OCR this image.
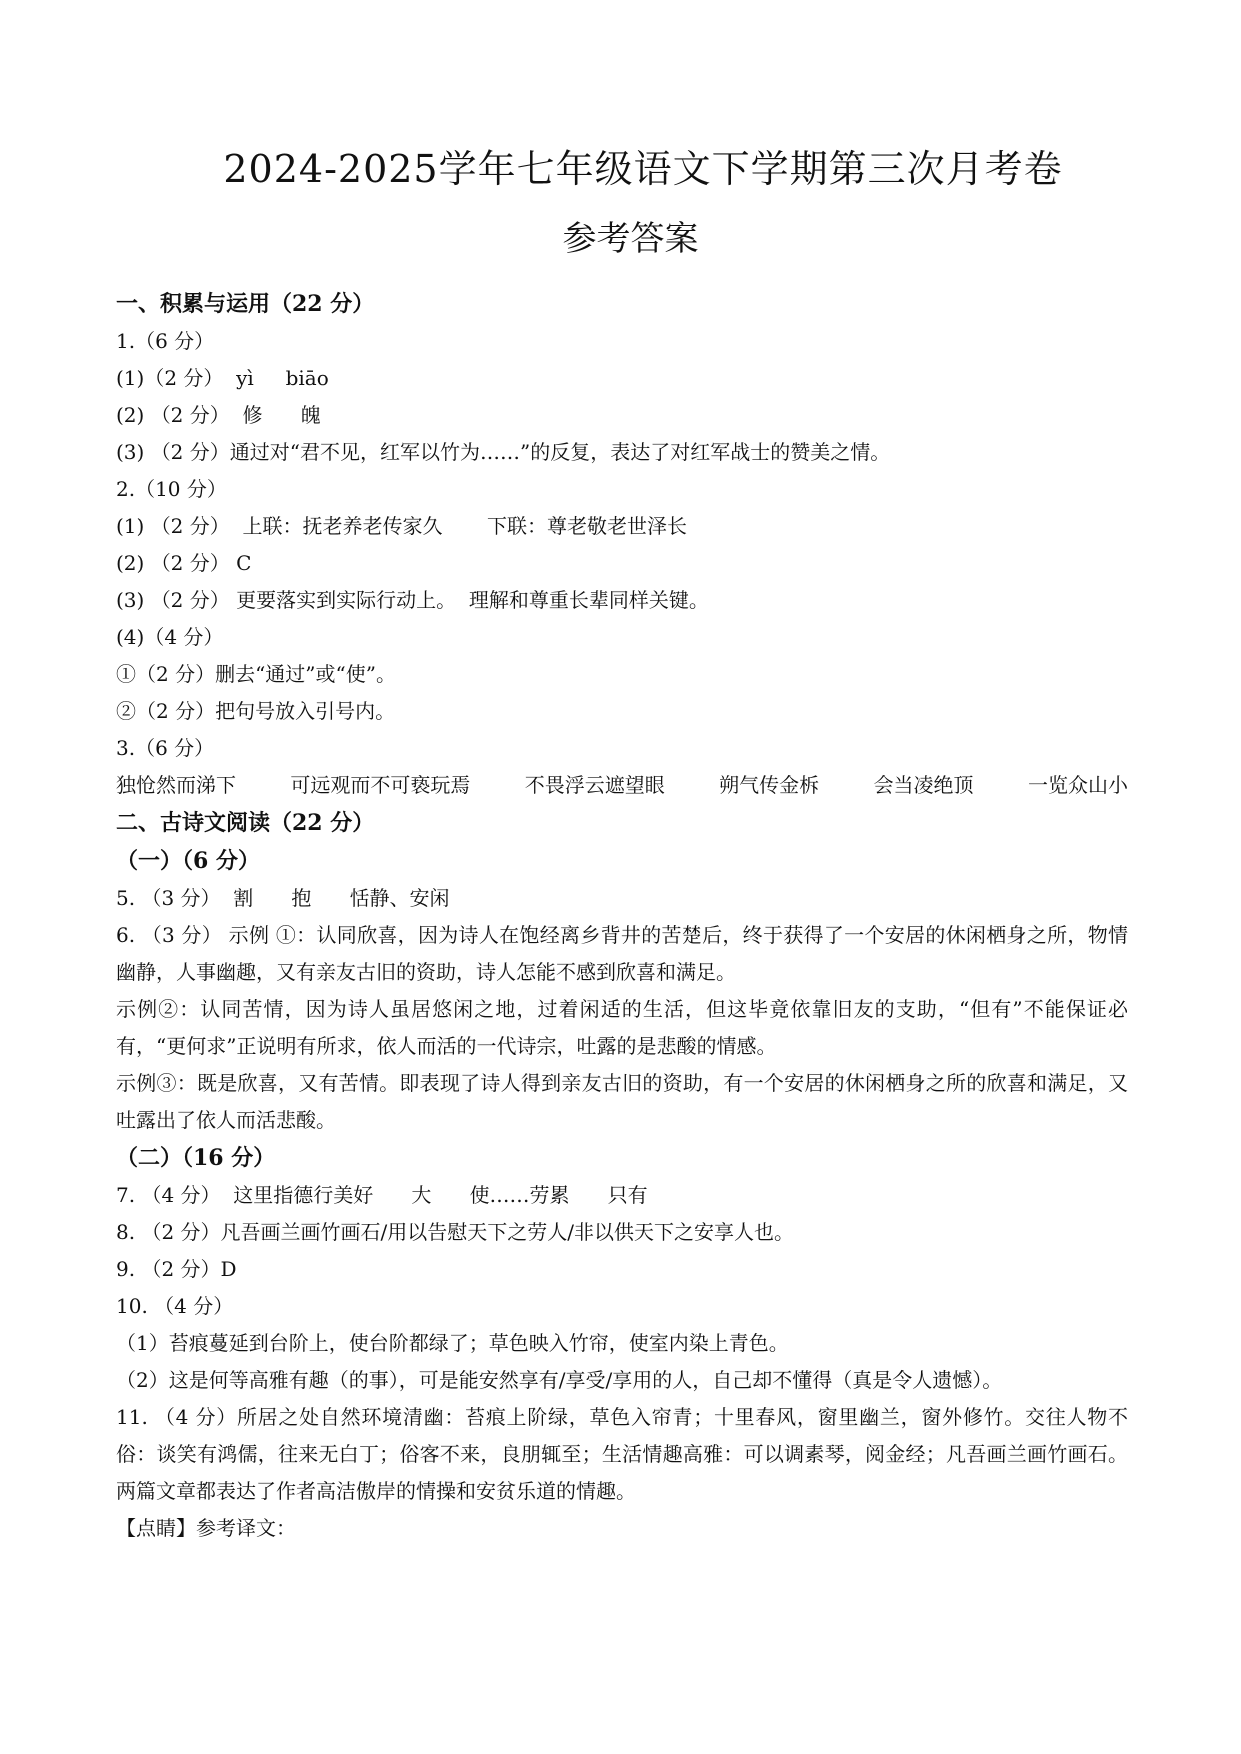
2024-2025学年七年级语文下学期第三次月考卷
参考答案
一、积累与运用（22 分）
1.（6 分）
(1)（2 分）  yì     biāo
(2) （2 分）  修      魄
(3) （2 分）通过对“君不见，红军以竹为……”的反复，表达了对红军战士的赞美之情。
2.（10 分）
(1) （2 分）  上联：抚老养老传家久       下联：尊老敬老世泽长
(2) （2 分） C
(3) （2 分） 更要落实到实际行动上。  理解和尊重长辈同样关键。
(4)（4 分）
①（2 分）删去“通过”或“使”。
②（2 分）把句号放入引号内。
3.（6 分）
独怆然而涕下	可远观而不可亵玩焉	不畏浮云遮望眼	朔气传金柝	会当凌绝顶	一览众山小
二、古诗文阅读（22 分）
（一）（6 分）
5. （3 分）  割      抱      恬静、安闲
6. （3 分） 示例 ①：认同欣喜，因为诗人在饱经离乡背井的苦楚后，终于获得了一个安居的休闲栖身之所，物情幽静，人事幽趣，又有亲友古旧的资助，诗人怎能不感到欣喜和满足。
示例②：认同苦情，因为诗人虽居悠闲之地，过着闲适的生活，但这毕竟依靠旧友的支助，“但有”不能保证必有，“更何求”正说明有所求，依人而活的一代诗宗，吐露的是悲酸的情感。
示例③：既是欣喜，又有苦情。即表现了诗人得到亲友古旧的资助，有一个安居的休闲栖身之所的欣喜和满足，又吐露出了依人而活悲酸。
（二）（16 分）
7. （4 分）  这里指德行美好      大      使……劳累      只有
8. （2 分）凡吾画兰画竹画石/用以告慰天下之劳人/非以供天下之安享人也。
9. （2 分）D
10. （4 分）
（1）苔痕蔓延到台阶上，使台阶都绿了；草色映入竹帘，使室内染上青色。
（2）这是何等高雅有趣（的事），可是能安然享有/享受/享用的人，自己却不懂得（真是令人遗憾）。
11. （4 分）所居之处自然环境清幽：苔痕上阶绿，草色入帘青；十里春风，窗里幽兰，窗外修竹。交往人物不俗：谈笑有鸿儒，往来无白丁；俗客不来，良朋辄至；生活情趣高雅：可以调素琴，阅金经；凡吾画兰画竹画石。两篇文章都表达了作者高洁傲岸的情操和安贫乐道的情趣。
【点睛】参考译文：
